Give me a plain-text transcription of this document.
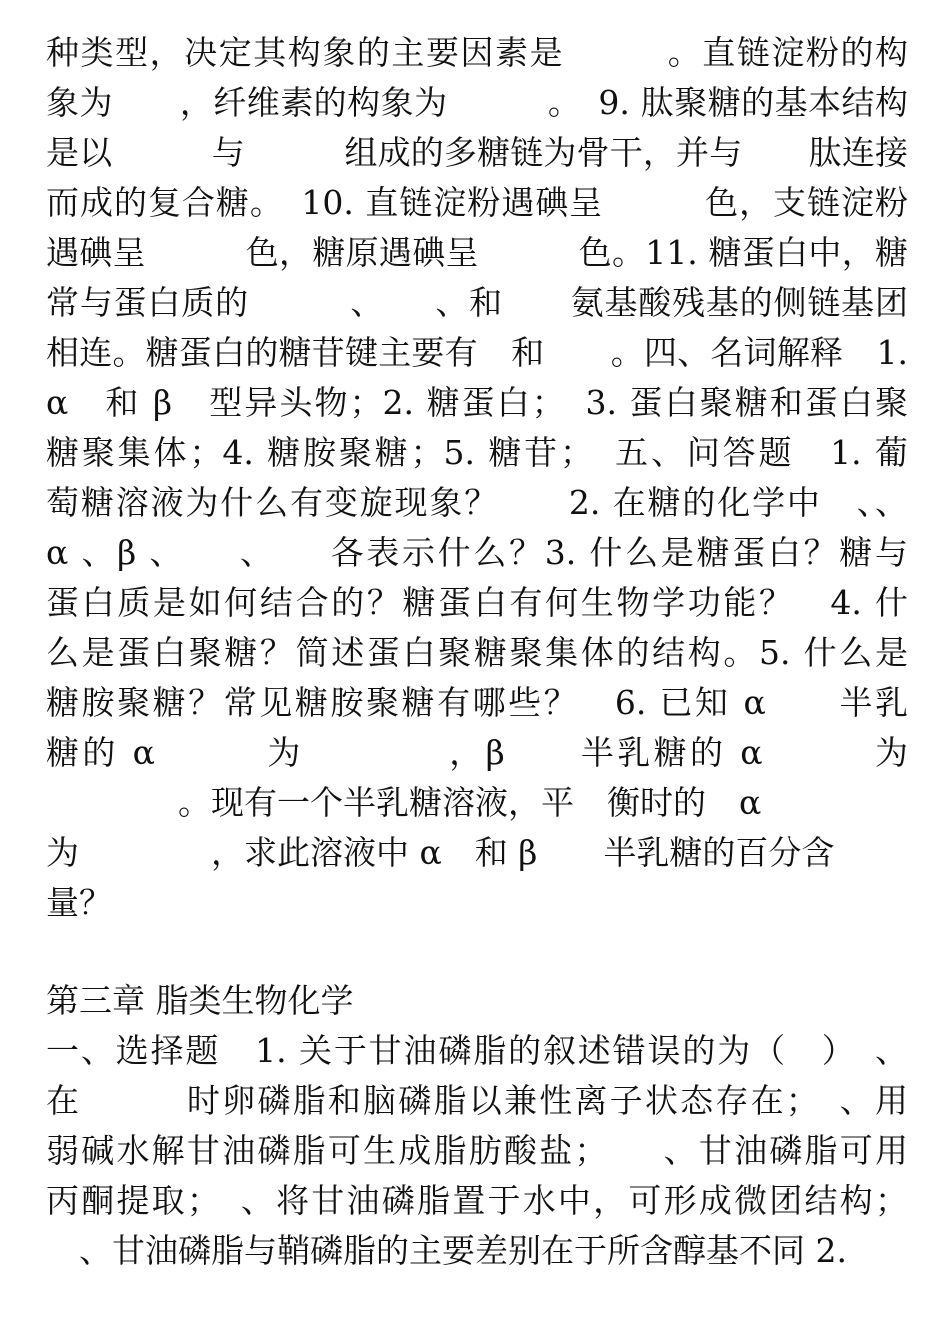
种类型，决定其构象的主要因素是　　　。直链淀粉的构
象为　　，纤维素的构象为　　　。　9. 肽聚糖的基本结构
是以　　　与　　　组成的多糖链为骨干，并与　　肽连接
而成的复合糖。　10. 直链淀粉遇碘呈　　　色，支链淀粉
遇碘呈　　　色，糖原遇碘呈　　　色。11. 糖蛋白中，糖
常与蛋白质的　　　、　　、和　　氨基酸残基的侧链基团
相连。糖蛋白的糖苷键主要有　和　　。四、名词解释　1.
α　和 β　型异头物；2. 糖蛋白；　3. 蛋白聚糖和蛋白聚
糖聚集体；4. 糖胺聚糖；5. 糖苷；　五、问答题　1. 葡
萄糖溶液为什么有变旋现象？　　2. 在糖的化学中　、、
α 、β 、　　、　　各表示什么？3. 什么是糖蛋白？糖与
蛋白质是如何结合的？糖蛋白有何生物学功能？　4. 什
么是蛋白聚糖？简述蛋白聚糖聚集体的结构。5. 什么是
糖胺聚糖？常见糖胺聚糖有哪些？　6. 已知 α　　半乳
糖的 α　　　为　　　　，β　　半乳糖的 α　　　为
　　　　。现有一个半乳糖溶液，平　衡时的　α
为　　　　，求此溶液中 α　和 β　　半乳糖的百分含
量？
第三章 脂类生物化学
一、选择题　1. 关于甘油磷脂的叙述错误的为（　）　、
在　　　时卵磷脂和脑磷脂以兼性离子状态存在；　、用
弱碱水解甘油磷脂可生成脂肪酸盐；　　、甘油磷脂可用
丙酮提取；　、将甘油磷脂置于水中，可形成微团结构；
　、甘油磷脂与鞘磷脂的主要差别在于所含醇基不同 2.
